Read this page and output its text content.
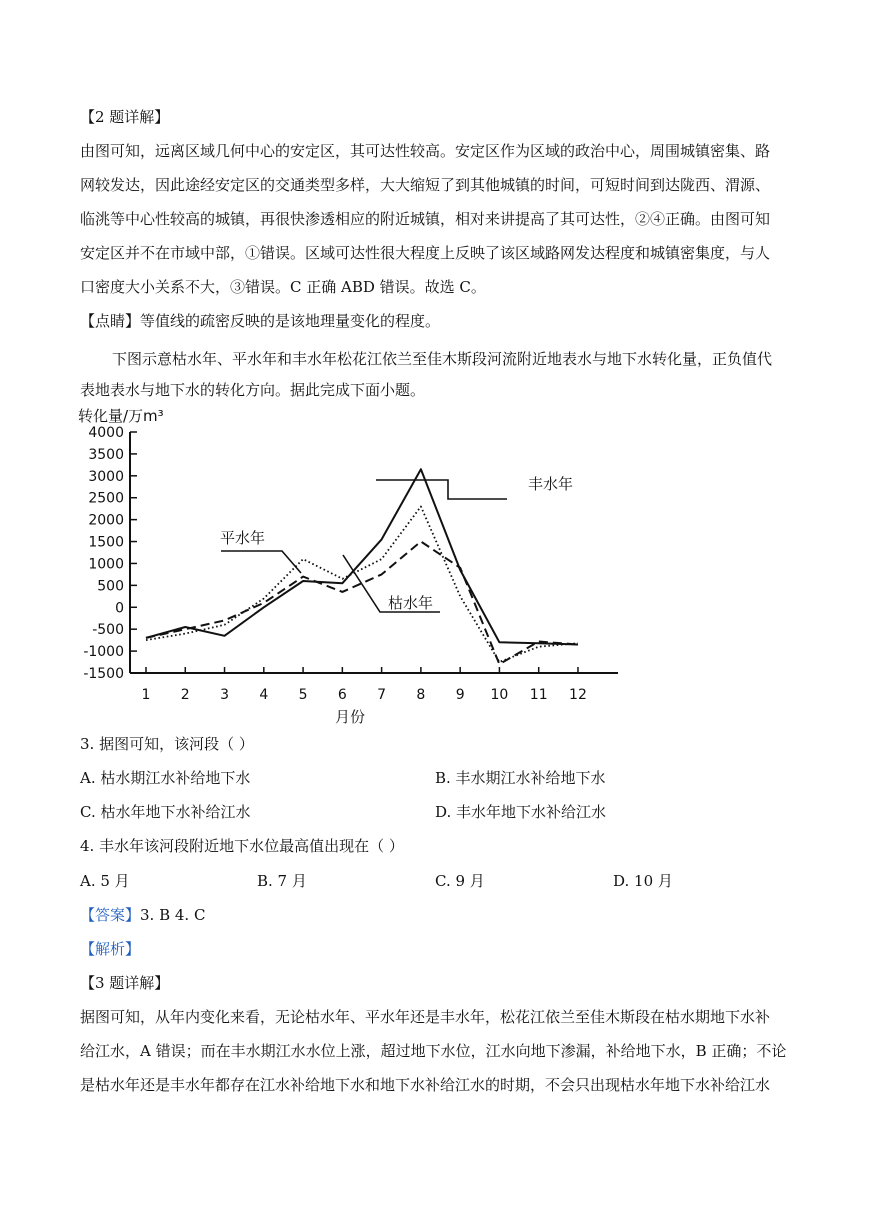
【2 题详解】
由图可知，远离区域几何中心的安定区，其可达性较高。安定区作为区域的政治中心，周围城镇密集、路
网较发达，因此途经安定区的交通类型多样，大大缩短了到其他城镇的时间，可短时间到达陇西、渭源、
临洮等中心性较高的城镇，再很快渗透相应的附近城镇，相对来讲提高了其可达性，②④正确。由图可知
安定区并不在市域中部，①错误。区域可达性很大程度上反映了该区域路网发达程度和城镇密集度，与人
口密度大小关系不大，③错误。C 正确 ABD 错误。故选 C。
【点睛】等值线的疏密反映的是该地理量变化的程度。
下图示意枯水年、平水年和丰水年松花江依兰至佳木斯段河流附近地表水与地下水转化量，正负值代
表地表水与地下水的转化方向。据此完成下面小题。
转化量/万m³
4000
3500
3000
2500
2000
1500
1000
500
0
-500
-1000
-1500
1 2 3 4 5 6 7 8 9 10 11 12
丰水年
平水年
枯水年
月份
3. 据图可知，该河段（ ）
A. 枯水期江水补给地下水	B. 丰水期江水补给地下水
C. 枯水年地下水补给江水	D. 丰水年地下水补给江水
4. 丰水年该河段附近地下水位最高值出现在（ ）
A. 5 月	B. 7 月	C. 9 月	D. 10 月
【答案】3. B 4. C
【解析】
【3 题详解】
据图可知，从年内变化来看，无论枯水年、平水年还是丰水年，松花江依兰至佳木斯段在枯水期地下水补
给江水，A 错误；而在丰水期江水水位上涨，超过地下水位，江水向地下渗漏，补给地下水，B 正确；不论
是枯水年还是丰水年都存在江水补给地下水和地下水补给江水的时期，不会只出现枯水年地下水补给江水
